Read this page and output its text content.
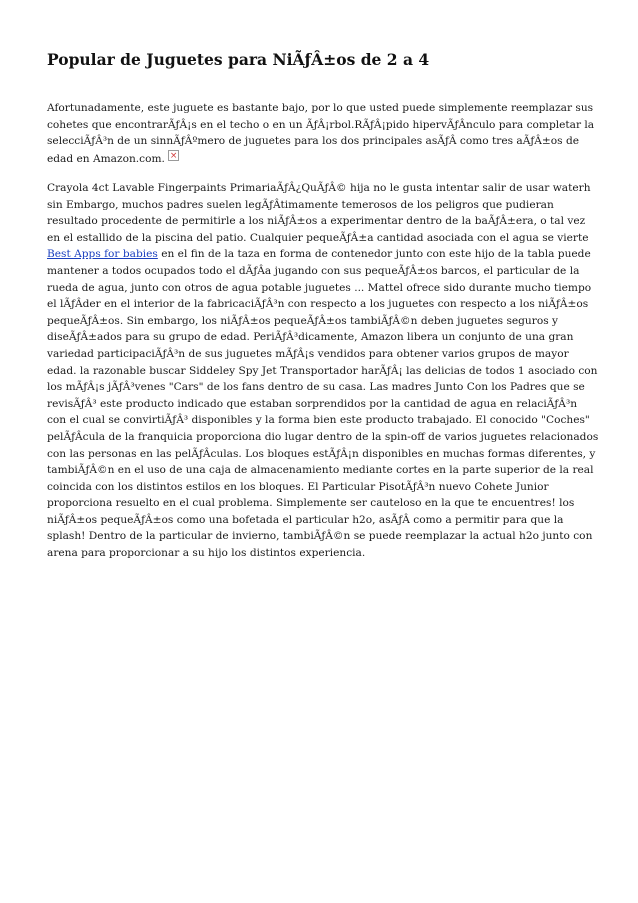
Popular de Juguetes para NiÃƒÂ±os de 2 a 4

Afortunadamente, este juguete es bastante bajo, por lo que usted puede simplemente reemplazar sus cohetes que encontrarÃƒÂ¡s en el techo o en un ÃƒÂ¡rbol.RÃƒÂ¡pido hipervÃƒÂnculo para completar la selecciÃƒÂ³n de un sinnÃƒÂºmero de juguetes para los dos principales asÃƒÂ como tres aÃƒÂ±os de edad en Amazon.com.×

Crayola 4ct Lavable Fingerpaints PrimariaÃƒÂ¿QuÃƒÂ© hija no le gusta intentar salir de usar waterh sin Embargo, muchos padres suelen legÃƒÂtimamente temerosos de los peligros que pudieran resultado procedente de permitirle a los niÃƒÂ±os a experimentar dentro de la baÃƒÂ±era, o tal vez en el estallido de la piscina del patio. Cualquier pequeÃƒÂ±a cantidad asociada con el agua se vierte Best Apps for babies en el fin de la taza en forma de contenedor junto con este hijo de la tabla puede mantener a todos ocupados todo el dÃƒÂa jugando con sus pequeÃƒÂ±os barcos, el particular de la rueda de agua, junto con otros de agua potable juguetes ... Mattel ofrece sido durante mucho tiempo el lÃƒÂder en el interior de la fabricaciÃƒÂ³n con respecto a los juguetes con respecto a los niÃƒÂ±os pequeÃƒÂ±os. Sin embargo, los niÃƒÂ±os pequeÃƒÂ±os tambiÃƒÂ©n deben juguetes seguros y diseÃƒÂ±ados para su grupo de edad. PeriÃƒÂ³dicamente, Amazon libera un conjunto de una gran variedad participaciÃƒÂ³n de sus juguetes mÃƒÂ¡s vendidos para obtener varios grupos de mayor edad. la razonable buscar Siddeley Spy Jet Transportador harÃƒÂ¡ las delicias de todos 1 asociado con los mÃƒÂ¡s jÃƒÂ³venes "Cars" de los fans dentro de su casa. Las madres Junto Con los Padres que se revisÃƒÂ³ este producto indicado que estaban sorprendidos por la cantidad de agua en relaciÃƒÂ³n con el cual se convirtiÃƒÂ³ disponibles y la forma bien este producto trabajado. El conocido "Coches" pelÃƒÂcula de la franquicia proporciona dio lugar dentro de la spin-off de varios juguetes relacionados con las personas en las pelÃƒÂculas. Los bloques estÃƒÂ¡n disponibles en muchas formas diferentes, y tambiÃƒÂ©n en el uso de una caja de almacenamiento mediante cortes en la parte superior de la real coincida con los distintos estilos en los bloques. El Particular PisotÃƒÂ³n nuevo Cohete Junior proporciona resuelto en el cual problema. Simplemente ser cauteloso en la que te encuentres! los niÃƒÂ±os pequeÃƒÂ±os como una bofetada el particular h2o, asÃƒÂ como a permitir para que la splash! Dentro de la particular de invierno, tambiÃƒÂ©n se puede reemplazar la actual h2o junto con arena para proporcionar a su hijo los distintos experiencia.
